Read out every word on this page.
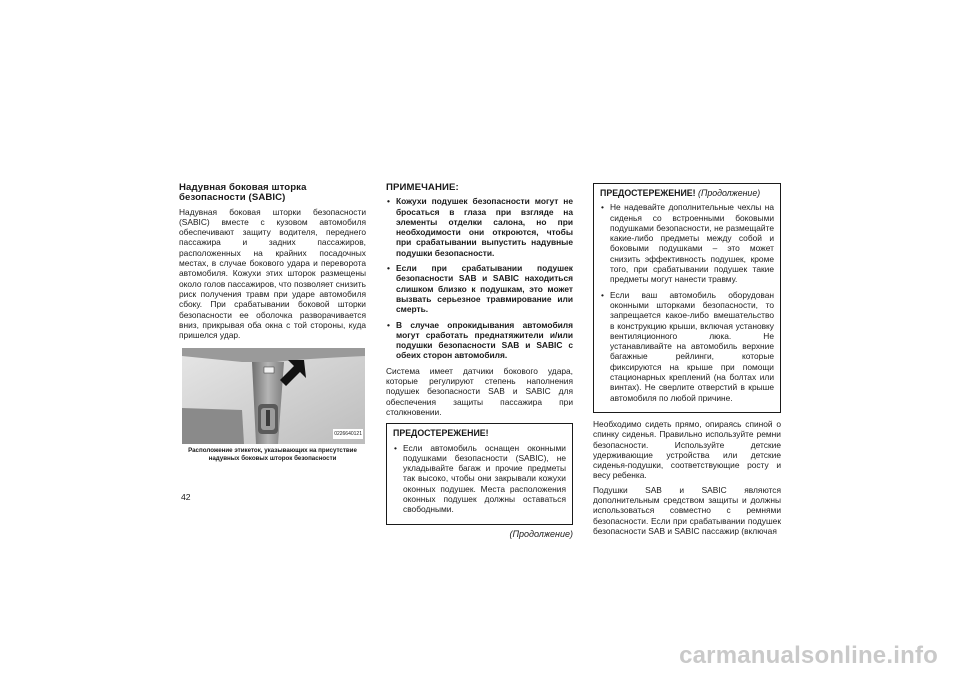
Надувная боковая шторка безопасности (SABIC)

Надувная боковая шторки безопасности (SABIC) вместе с кузовом автомобиля обеспечивают защиту водителя, переднего пассажира и задних пассажиров, расположенных на крайних посадочных местах, в случае бокового удара и переворота автомобиля. Кожухи этих шторок размещены около голов пассажиров, что позволяет снизить риск получения травм при ударе автомобиля сбоку. При срабатывании боковой шторки безопасности ее оболочка разворачивается вниз, прикрывая оба окна с той стороны, куда пришелся удар.

0226640121
Расположение этикеток, указывающих на присутствие надувных боковых шторок безопасности
ПРИМЕЧАНИЕ:
• Кожухи подушек безопасности могут не бросаться в глаза при взгляде на элементы отделки салона, но при необходимости они откроются, чтобы при срабатывании выпустить надувные подушки безопасности.
• Если при срабатывании подушек безопасности SAB и SABIC находиться слишком близко к подушкам, это может вызвать серьезное травмирование или смерть.
• В случае опрокидывания автомобиля могут сработать преднатяжители и/или подушки безопасности SAB и SABIC с обеих сторон автомобиля.

Система имеет датчики бокового удара, которые регулируют степень наполнения подушек безопасности SAB и SABIC для обеспечения защиты пассажира при столкновении.

ПРЕДОСТЕРЕЖЕНИЕ!
• Если автомобиль оснащен оконными подушками безопасности (SABIC), не укладывайте багаж и прочие предметы так высоко, чтобы они закрывали кожухи оконных подушек. Места расположения оконных подушек должны оставаться свободными.
(Продолжение)
ПРЕДОСТЕРЕЖЕНИЕ! (Продолжение)
• Не надевайте дополнительные чехлы на сиденья со встроенными боковыми подушками безопасности, не размещайте какие-либо предметы между собой и боковыми подушками – это может снизить эффективность подушек, кроме того, при срабатывании подушек такие предметы могут нанести травму.
• Если ваш автомобиль оборудован оконными шторками безопасности, то запрещается какое-либо вмешательство в конструкцию крыши, включая установку вентиляционного люка. Не устанавливайте на автомобиль верхние багажные рейлинги, которые фиксируются на крыше при помощи стационарных креплений (на болтах или винтах). Не сверлите отверстий в крыше автомобиля по любой причине.

Необходимо сидеть прямо, опираясь спиной о спинку сиденья. Правильно используйте ремни безопасности. Используйте детские удерживающие устройства или детские сиденья-подушки, соответствующие росту и весу ребенка.

Подушки SAB и SABIC являются дополнительным средством защиты и должны использоваться совместно с ремнями безопасности. Если при срабатывании подушек безопасности SAB и SABIC пассажир (включая

42
carmanualsonline.info
